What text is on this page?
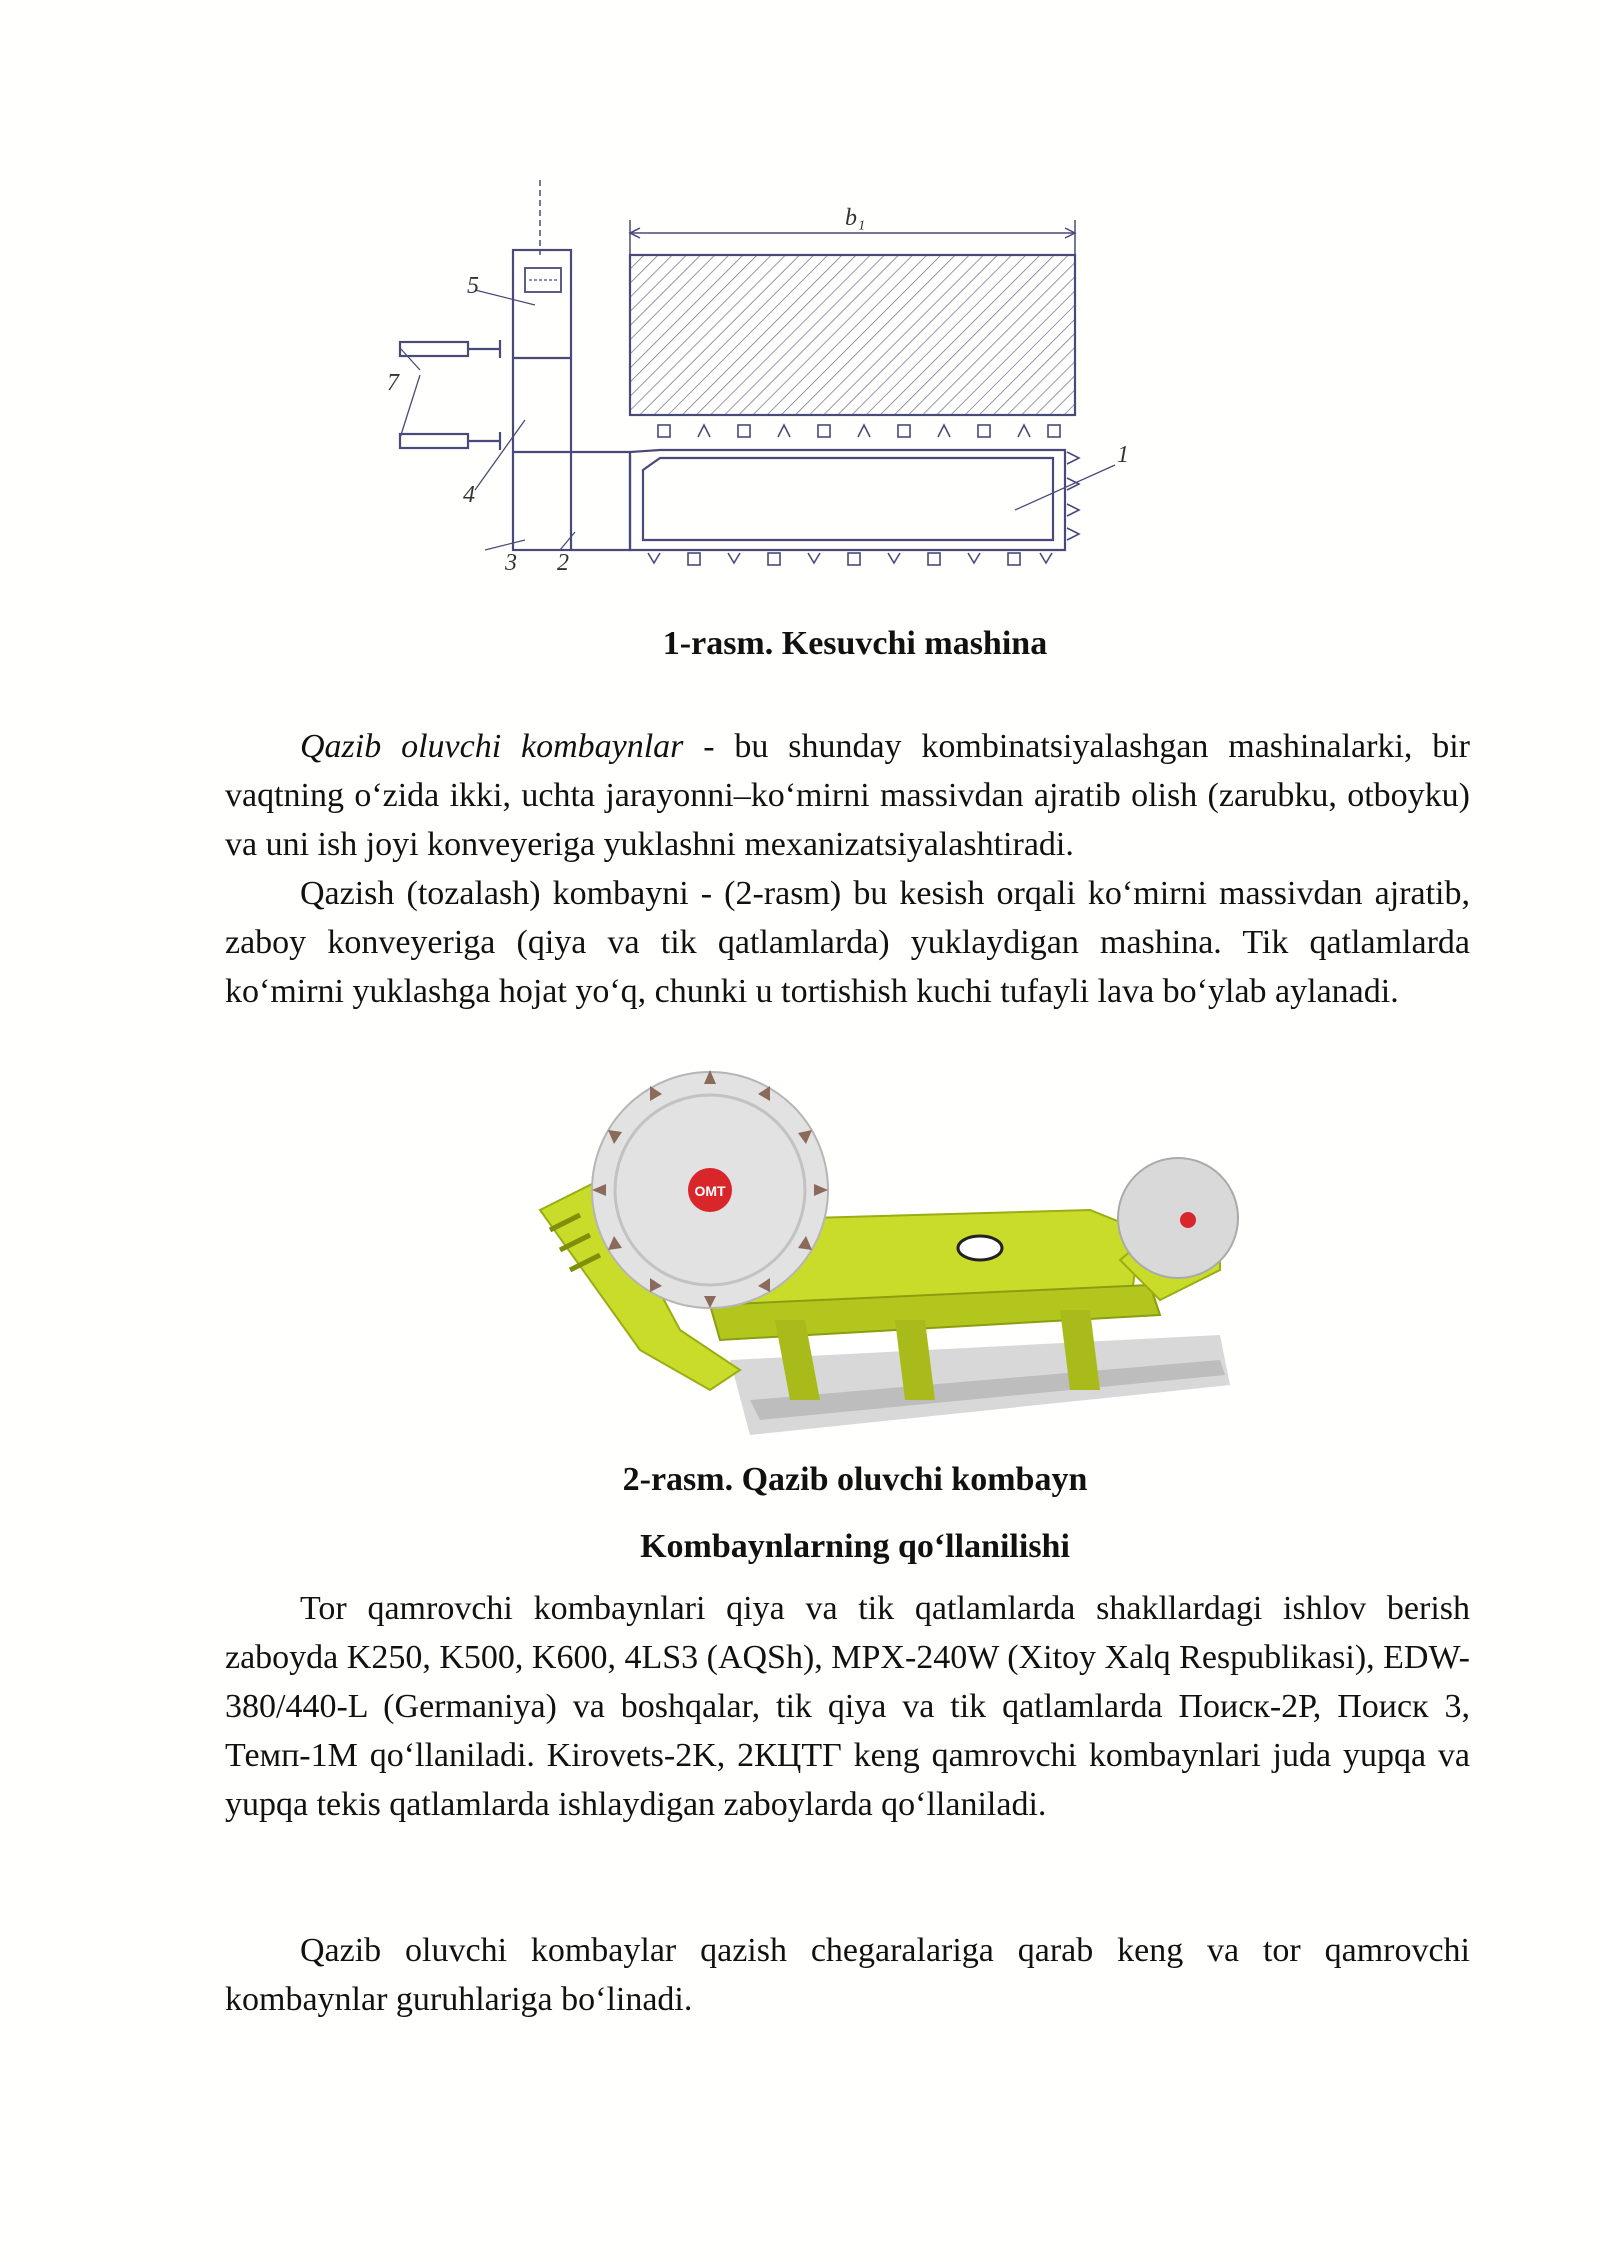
5
7
4
3 2
1
b₁
1-rasm. Kesuvchi mashina

Qazib oluvchi kombaynlar - bu shunday kombinatsiyalashgan mashinalarki, bir vaqtning o‘zida ikki, uchta jarayonni–ko‘mirni massivdan ajratib olish (zarubku, otboyku) va uni ish joyi konveyeriga yuklashni mexanizatsiyalashtiradi.

Qazish (tozalash) kombayni - (2-rasm) bu kesish orqali ko‘mirni massivdan ajratib, zaboy konveyeriga (qiya va tik qatlamlarda) yuklaydigan mashina. Tik qatlamlarda ko‘mirni yuklashga hojat yo‘q, chunki u tortishish kuchi tufayli lava bo‘ylab aylanadi.

OMT
2-rasm. Qazib oluvchi kombayn
Kombaynlarning qo‘llanilishi

Tor qamrovchi kombaynlari qiya va tik qatlamlarda shakllardagi ishlov berish zaboyda K250, K500, K600, 4LS3 (AQSh), MPX-240W (Xitoy Xalq Respublikasi), EDW-380/440-L (Germaniya) va boshqalar, tik qiya va tik qatlamlarda Поиск-2Р, Поиск 3, Темп-1М qo‘llaniladi. Kirovets-2K, 2КЦТГ keng qamrovchi kombaynlari juda yupqa va yupqa tekis qatlamlarda ishlaydigan zaboylarda qo‘llaniladi.

Qazib oluvchi kombaylar qazish chegaralariga qarab keng va tor qamrovchi kombaynlar guruhlariga bo‘linadi.
